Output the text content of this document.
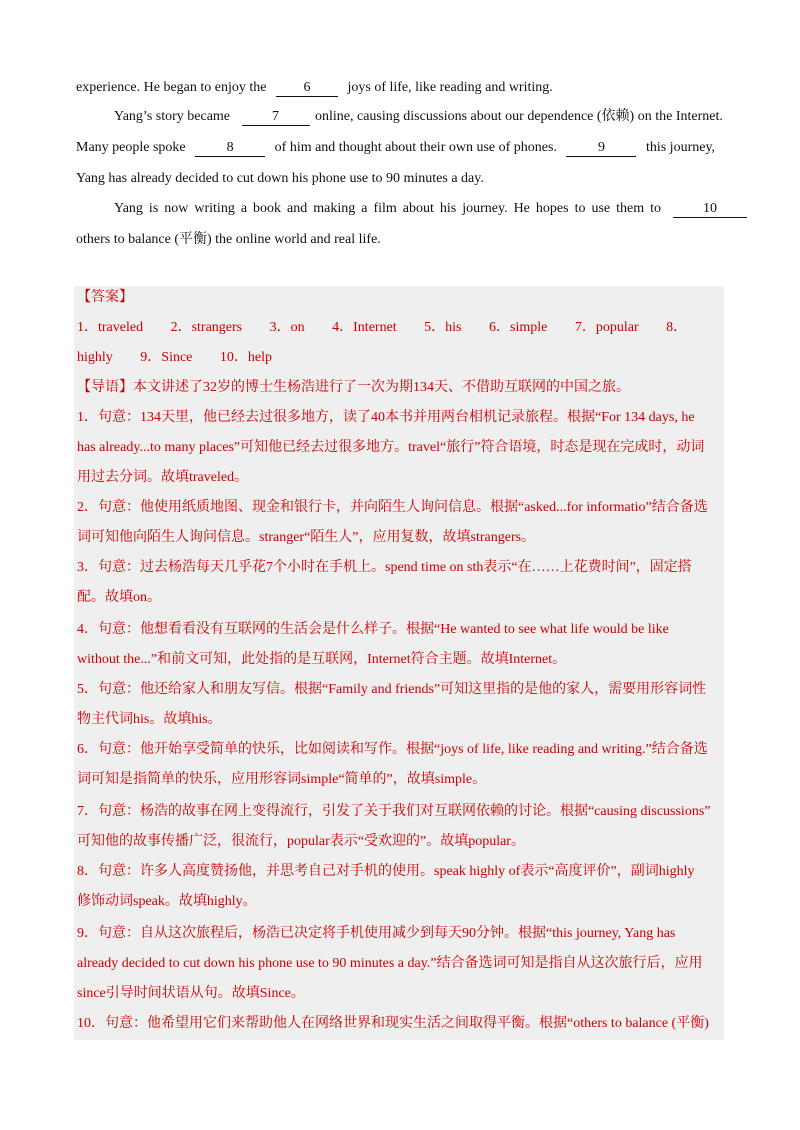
experience. He began to enjoy the	6	joys of life, like reading and writing.
Yang’s story became	7	online, causing discussions about our dependence (依赖) on the Internet.
Many people spoke	8	of him and thought about their own use of phones.	9	this journey,
Yang has already decided to cut down his phone use to 90 minutes a day.
Yang is now writing a book and making a film about his journey. He hopes to use them to	10
others to balance (平衡) the online world and real life.
【答案】
1．traveled 2．strangers 3．on 4．Internet 5．his 6．simple 7．popular 8．
highly 9．Since 10．help
【导语】本文讲述了32岁的博士生杨浩进行了一次为期134天、不借助互联网的中国之旅。
1．句意：134天里，他已经去过很多地方，读了40本书并用两台相机记录旅程。根据“For 134 days, he
has already...to many places”可知他已经去过很多地方。travel“旅行”符合语境，时态是现在完成时，动词
用过去分词。故填traveled。
2．句意：他使用纸质地图、现金和银行卡，并向陌生人询问信息。根据“asked...for informatio”结合备选
词可知他向陌生人询问信息。stranger“陌生人”，应用复数，故填strangers。
3．句意：过去杨浩每天几乎花7个小时在手机上。spend time on sth表示“在……上花费时间”，固定搭
配。故填on。
4．句意：他想看看没有互联网的生活会是什么样子。根据“He wanted to see what life would be like
without the...”和前文可知，此处指的是互联网，Internet符合主题。故填Internet。
5．句意：他还给家人和朋友写信。根据“Family and friends”可知这里指的是他的家人，需要用形容词性
物主代词his。故填his。
6．句意：他开始享受简单的快乐，比如阅读和写作。根据“joys of life, like reading and writing.”结合备选
词可知是指简单的快乐，应用形容词simple“简单的”，故填simple。
7．句意：杨浩的故事在网上变得流行，引发了关于我们对互联网依赖的讨论。根据“causing discussions”
可知他的故事传播广泛，很流行，popular表示“受欢迎的”。故填popular。
8．句意：许多人高度赞扬他，并思考自己对手机的使用。speak highly of表示“高度评价”，副词highly
修饰动词speak。故填highly。
9．句意：自从这次旅程后，杨浩已决定将手机使用减少到每天90分钟。根据“this journey, Yang has
already decided to cut down his phone use to 90 minutes a day.”结合备选词可知是指自从这次旅行后，应用
since引导时间状语从句。故填Since。
10．句意：他希望用它们来帮助他人在网络世界和现实生活之间取得平衡。根据“others to balance (平衡)
